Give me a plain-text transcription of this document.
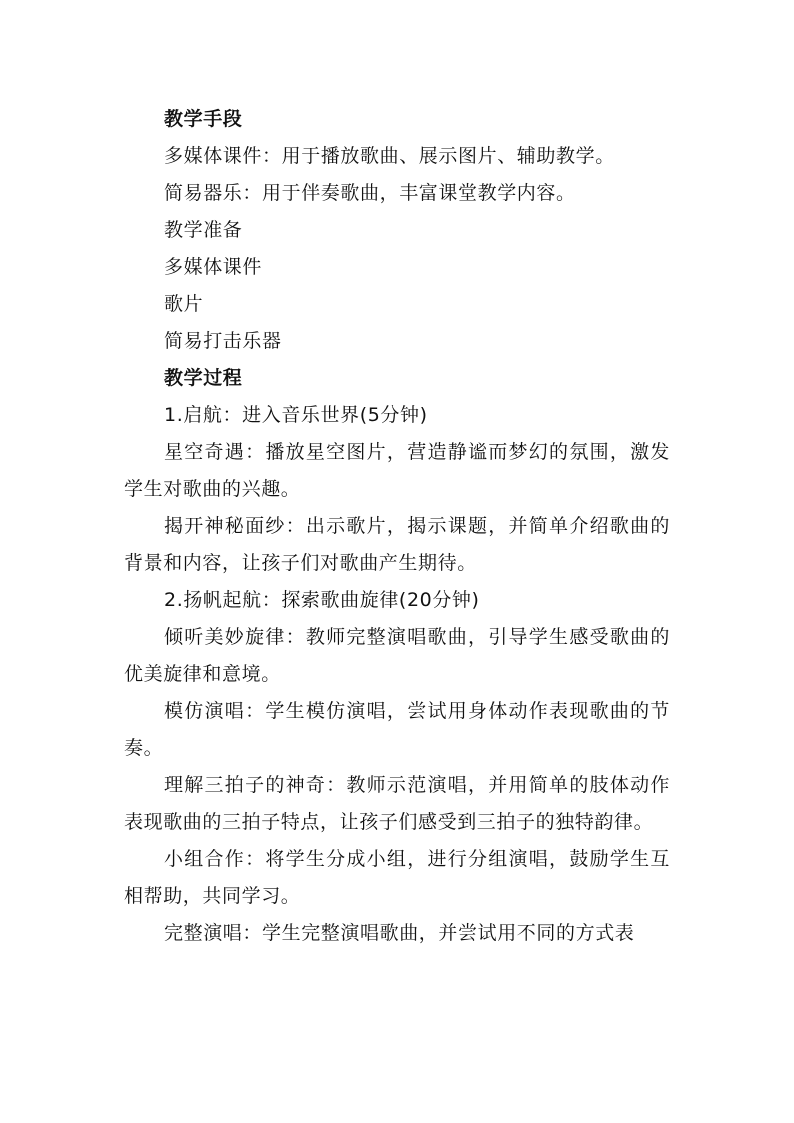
教学手段

多媒体课件：用于播放歌曲、展示图片、辅助教学。

简易器乐：用于伴奏歌曲，丰富课堂教学内容。

教学准备

多媒体课件

歌片

简易打击乐器

教学过程

1.启航：进入音乐世界(5分钟)

星空奇遇：播放星空图片，营造静谧而梦幻的氛围，激发学生对歌曲的兴趣。

揭开神秘面纱：出示歌片，揭示课题，并简单介绍歌曲的背景和内容，让孩子们对歌曲产生期待。

2.扬帆起航：探索歌曲旋律(20分钟)

倾听美妙旋律：教师完整演唱歌曲，引导学生感受歌曲的优美旋律和意境。

模仿演唱：学生模仿演唱，尝试用身体动作表现歌曲的节奏。

理解三拍子的神奇：教师示范演唱，并用简单的肢体动作表现歌曲的三拍子特点，让孩子们感受到三拍子的独特韵律。

小组合作：将学生分成小组，进行分组演唱，鼓励学生互相帮助，共同学习。

完整演唱：学生完整演唱歌曲，并尝试用不同的方式表
